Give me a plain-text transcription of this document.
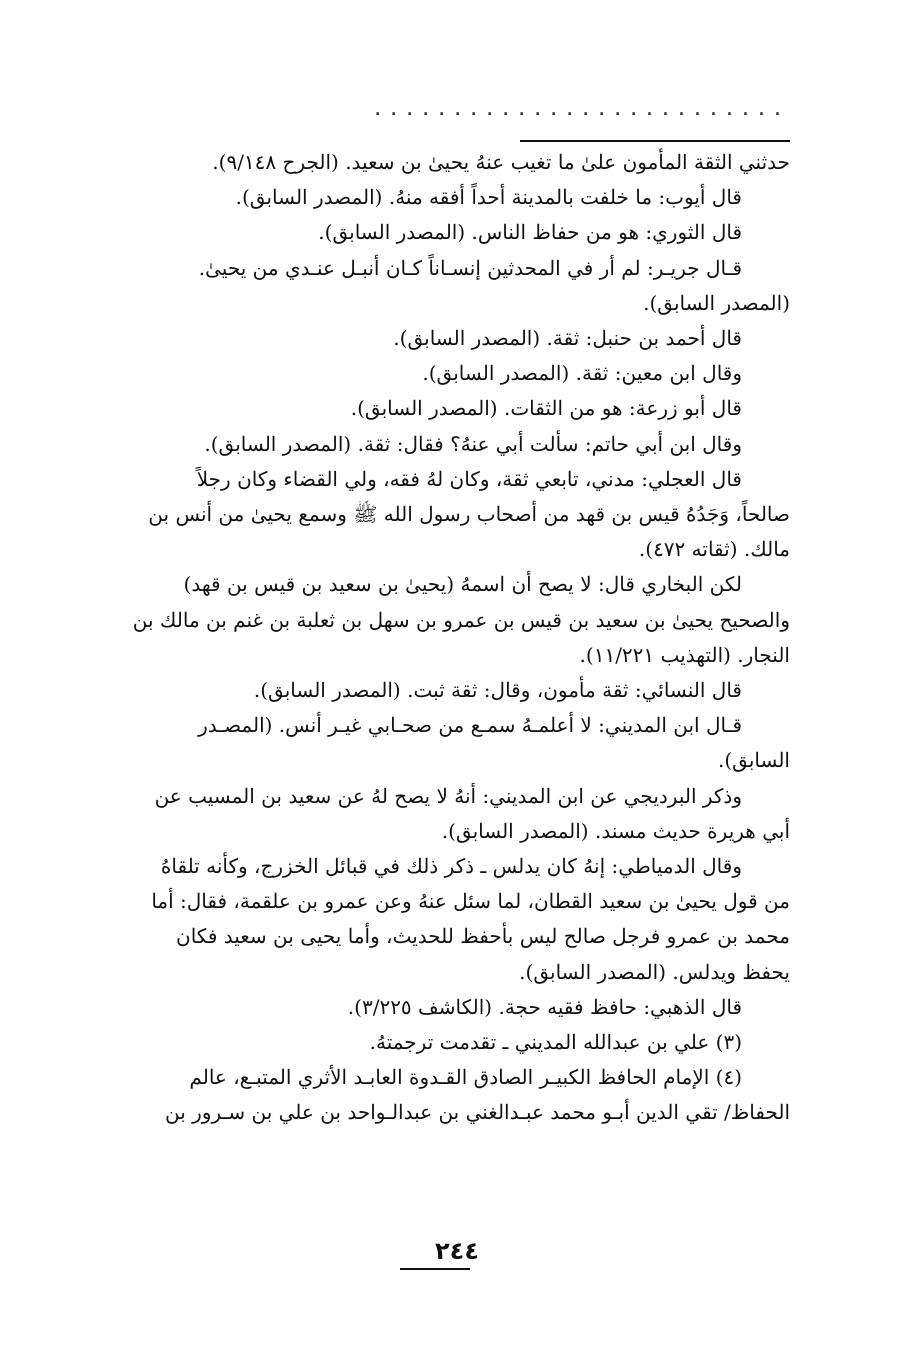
..........................
حدثني الثقة المأمون علىٰ ما تغيب عنهُ يحيىٰ بن سعيد. (الجرح ٩/١٤٨).
قال أيوب: ما خلفت بالمدينة أحداً أفقه منهُ. (المصدر السابق).
قال الثوري: هو من حفاظ الناس. (المصدر السابق).
قـال جريـر: لم أر في المحدثين إنسـاناً كـان أنبـل عنـدي من يحيىٰ.
(المصدر السابق).
قال أحمد بن حنبل: ثقة. (المصدر السابق).
وقال ابن معين: ثقة. (المصدر السابق).
قال أبو زرعة: هو من الثقات. (المصدر السابق).
وقال ابن أبي حاتم: سألت أبي عنهُ؟ فقال: ثقة. (المصدر السابق).
قال العجلي: مدني، تابعي ثقة، وكان لهُ فقه، ولي القضاء وكان رجلاً
صالحاً، وَجَدُهُ قيس بن قهد من أصحاب رسول الله ﷺ وسمع يحيىٰ من أنس بن
مالك. (ثقاته ٤٧٢).
لكن البخاري قال: لا يصح أن اسمهُ (يحيىٰ بن سعيد بن قيس بن قهد)
والصحيح يحيىٰ بن سعيد بن قيس بن عمرو بن سهل بن ثعلبة بن غنم بن مالك بن
النجار. (التهذيب ١١/٢٢١).
قال النسائي: ثقة مأمون، وقال: ثقة ثبت. (المصدر السابق).
قـال ابن المديني: لا أعلمـهُ سمـع من صحـابي غيـر أنس. (المصـدر
السابق).
وذكر البرديجي عن ابن المديني: أنهُ لا يصح لهُ عن سعيد بن المسيب عن
أبي هريرة حديث مسند. (المصدر السابق).
وقال الدمياطي: إنهُ كان يدلس ـ ذكر ذلك في قبائل الخزرج، وكأنه تلقاهُ
من قول يحيىٰ بن سعيد القطان، لما سئل عنهُ وعن عمرو بن علقمة، فقال: أما
محمد بن عمرو فرجل صالح ليس بأحفظ للحديث، وأما يحيى بن سعيد فكان
يحفظ ويدلس. (المصدر السابق).
قال الذهبي: حافظ فقيه حجة. (الكاشف ٣/٢٢٥).
(٣) علي بن عبدالله المديني ـ تقدمت ترجمتهُ.
(٤) الإمام الحافظ الكبيـر الصادق القـدوة العابـد الأثري المتبـع، عالم
الحفاظ/ تقي الدين أبـو محمد عبـدالغني بن عبدالـواحد بن علي بن سـرور بن
٢٤٤
